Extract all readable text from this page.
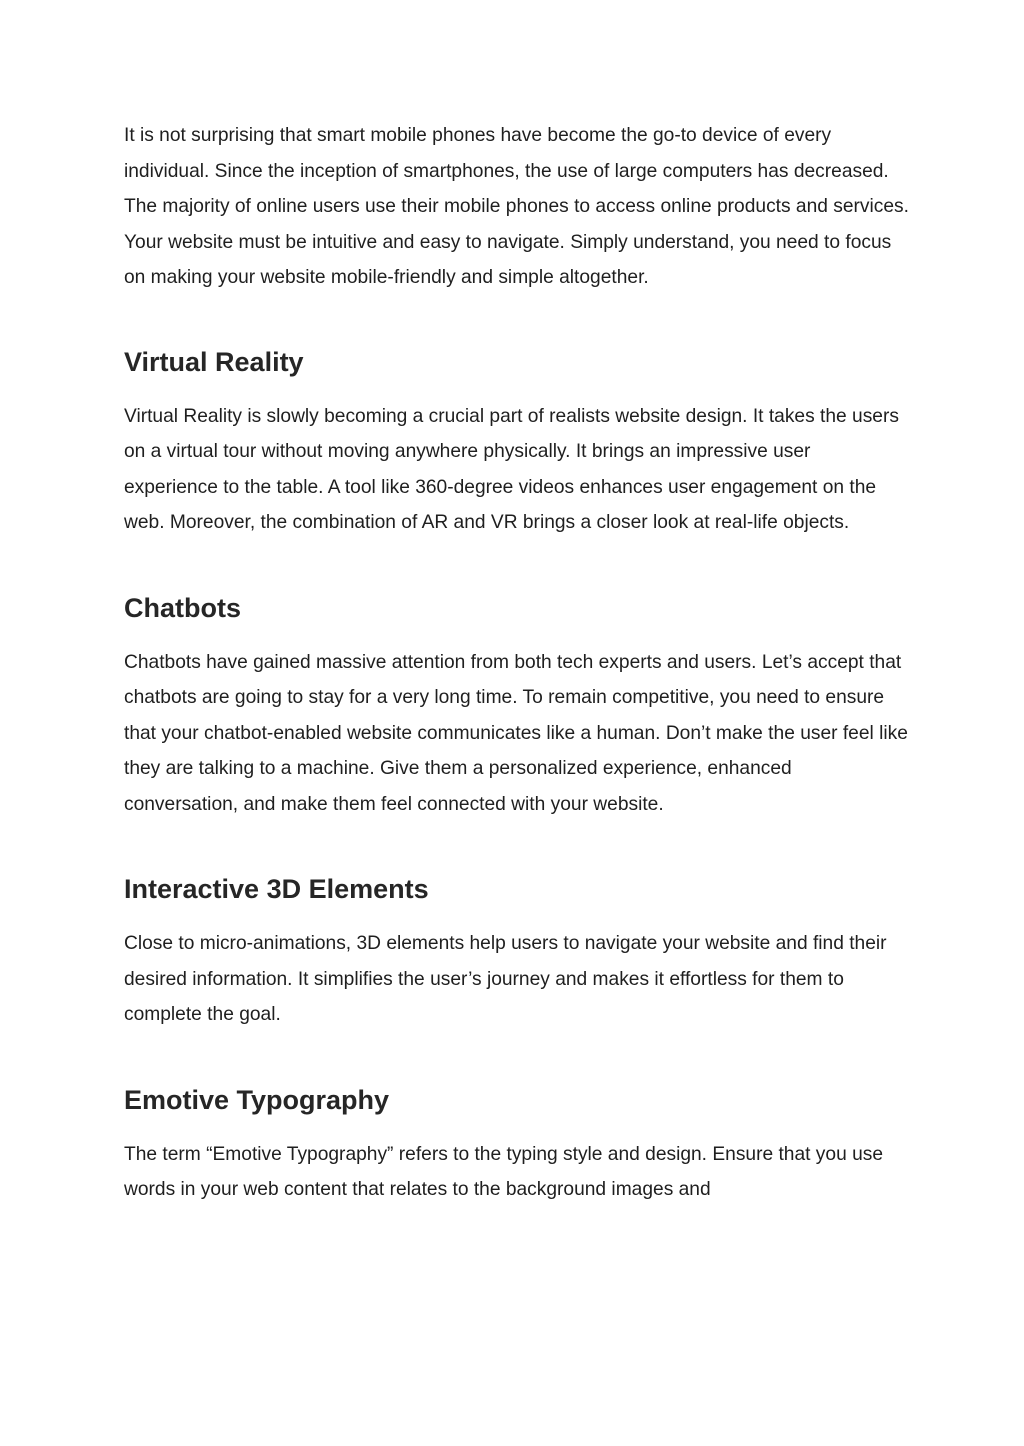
It is not surprising that smart mobile phones have become the go-to device of every individual. Since the inception of smartphones, the use of large computers has decreased. The majority of online users use their mobile phones to access online products and services. Your website must be intuitive and easy to navigate. Simply understand, you need to focus on making your website mobile-friendly and simple altogether.

Virtual Reality

Virtual Reality is slowly becoming a crucial part of realists website design. It takes the users on a virtual tour without moving anywhere physically. It brings an impressive user experience to the table. A tool like 360-degree videos enhances user engagement on the web. Moreover, the combination of AR and VR brings a closer look at real-life objects.

Chatbots

Chatbots have gained massive attention from both tech experts and users. Let’s accept that chatbots are going to stay for a very long time. To remain competitive, you need to ensure that your chatbot-enabled website communicates like a human. Don’t make the user feel like they are talking to a machine. Give them a personalized experience, enhanced conversation, and make them feel connected with your website.

Interactive 3D Elements

Close to micro-animations, 3D elements help users to navigate your website and find their desired information. It simplifies the user’s journey and makes it effortless for them to complete the goal.

Emotive Typography

The term “Emotive Typography” refers to the typing style and design. Ensure that you use words in your web content that relates to the background images and
